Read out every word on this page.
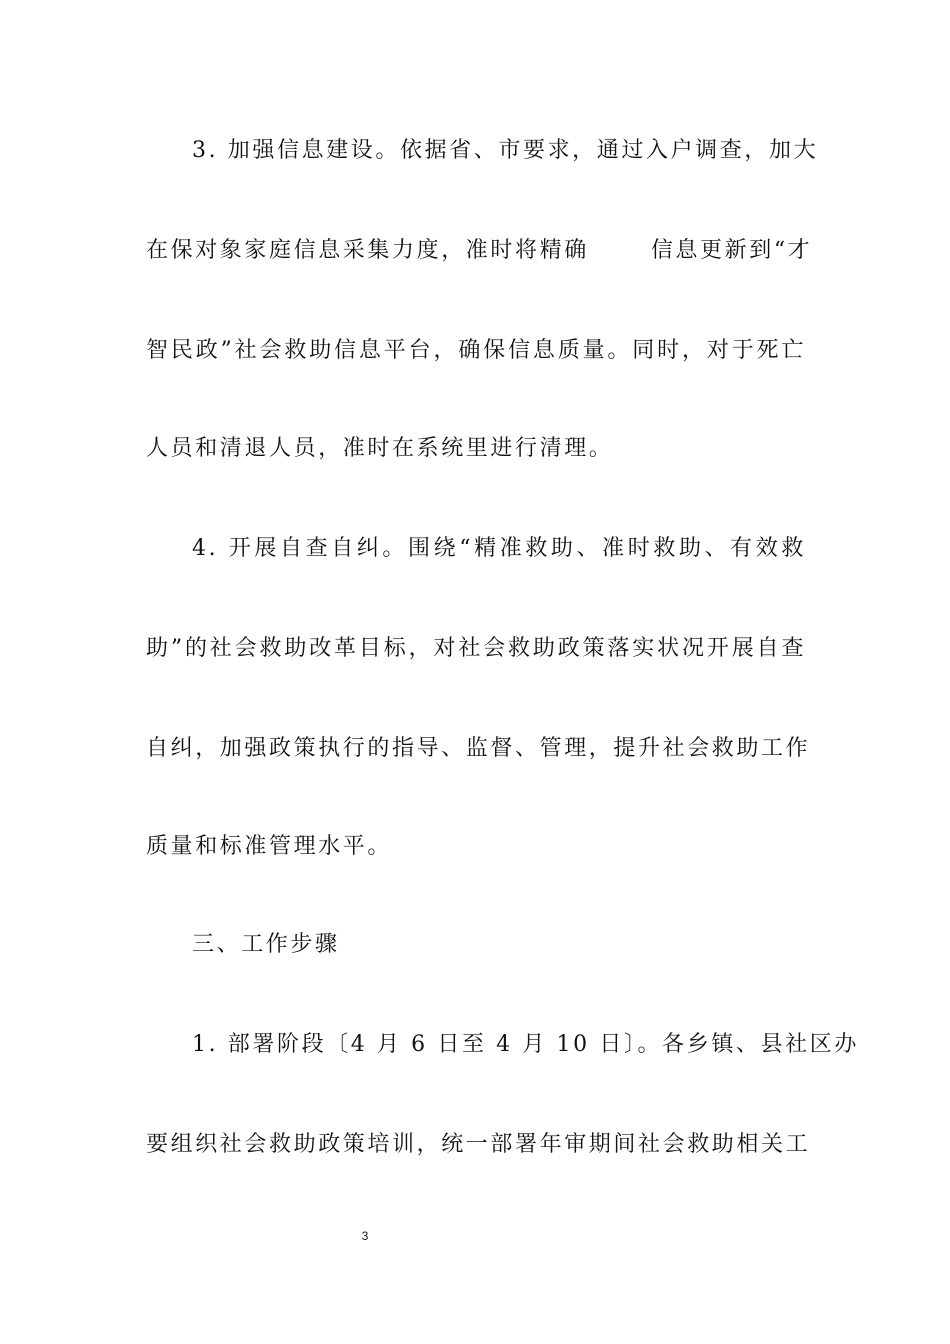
3. 加强信息建设。依据省、市要求，通过入户调查，加大
在保对象家庭信息采集力度，准时将精确	信息更新到“才
智民政”社会救助信息平台，确保信息质量。同时，对于死亡
人员和清退人员，准时在系统里进行清理。
4. 开展自查自纠。围绕“精准救助、准时救助、有效救
助”的社会救助改革目标，对社会救助政策落实状况开展自查
自纠，加强政策执行的指导、监督、管理，提升社会救助工作
质量和标准管理水平。
三、工作步骤
1. 部署阶段〔4 月 6 日至 4 月 10 日〕。各乡镇、县社区办
要组织社会救助政策培训，统一部署年审期间社会救助相关工
3
